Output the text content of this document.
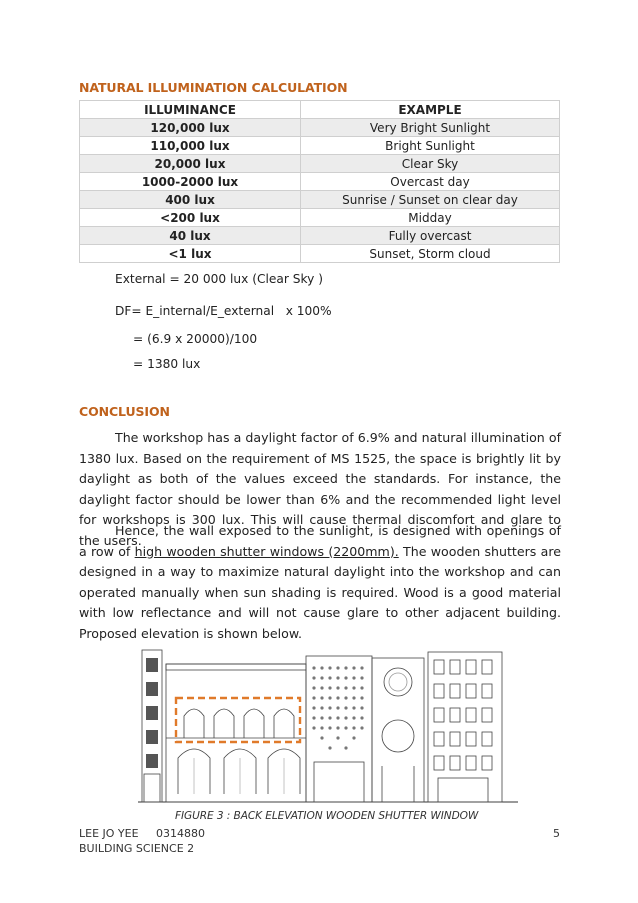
NATURAL ILLUMINATION CALCULATION
ILLUMINANCE	EXAMPLE
120,000 lux	Very Bright Sunlight
110,000 lux	Bright Sunlight
20,000 lux	Clear Sky
1000-2000 lux	Overcast day
400 lux	Sunrise / Sunset on clear day
<200 lux	Midday
40 lux	Fully overcast
<1 lux	Sunset, Storm cloud
External = 20 000 lux (Clear Sky )
DF= E_internal/E_external   x 100%
= (6.9 x 20000)/100
= 1380 lux
CONCLUSION

The workshop has a daylight factor of 6.9% and natural illumination of 1380 lux. Based on the requirement of MS 1525, the space is brightly lit by daylight as both of the values exceed the standards. For instance, the daylight factor should be lower than 6% and the recommended light level for workshops is 300 lux. This will cause thermal discomfort and glare to the users.

Hence, the wall exposed to the sunlight, is designed with openings of a row of high wooden shutter windows (2200mm). The wooden shutters are designed in a way to maximize natural daylight into the workshop and can operated manually when sun shading is required. Wood is a good material with low reflectance and will not cause glare to other adjacent building. Proposed elevation is shown below.

FIGURE 3 : BACK ELEVATION WOODEN SHUTTER WINDOW
LEE JO YEE     0314880
BUILDING SCIENCE 2
5
